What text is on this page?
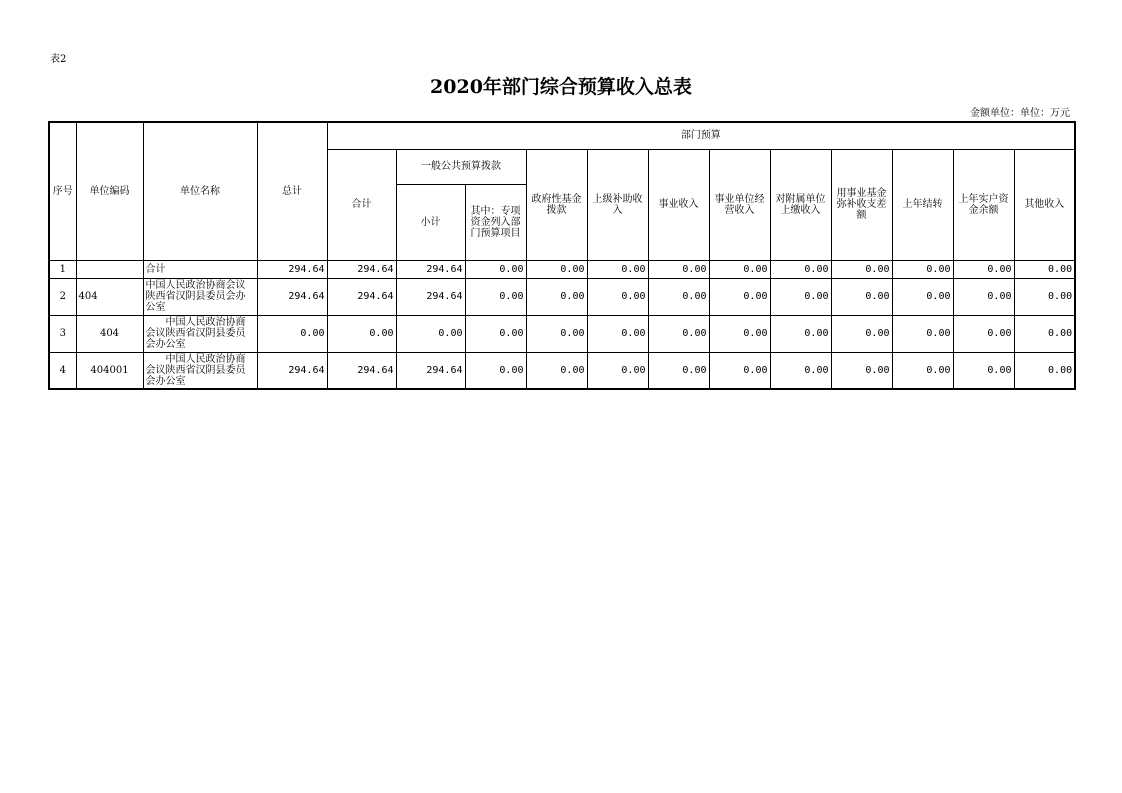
表2
2020年部门综合预算收入总表
金额单位：单位：万元
序号	单位编码	单位名称	总计	部门预算											
				合计	一般公共预算拨款		政府性基金拨款	上级补助收入	事业收入	事业单位经营收入	对附属单位上缴收入	用事业基金弥补收支差额	上年结转	上年实户资金余额	其他收入
					小计	其中：专项资金列入部门预算项目									
1		合计	294.64	294.64	294.64	0.00	0.00	0.00	0.00	0.00	0.00	0.00	0.00	0.00	0.00
2	404	中国人民政治协商会议陕西省汉阴县委员会办公室	294.64	294.64	294.64	0.00	0.00	0.00	0.00	0.00	0.00	0.00	0.00	0.00	0.00
3	404	中国人民政治协商会议陕西省汉阴县委员会办公室	0.00	0.00	0.00	0.00	0.00	0.00	0.00	0.00	0.00	0.00	0.00	0.00	0.00
4	404001	中国人民政治协商会议陕西省汉阴县委员会办公室	294.64	294.64	294.64	0.00	0.00	0.00	0.00	0.00	0.00	0.00	0.00	0.00	0.00
